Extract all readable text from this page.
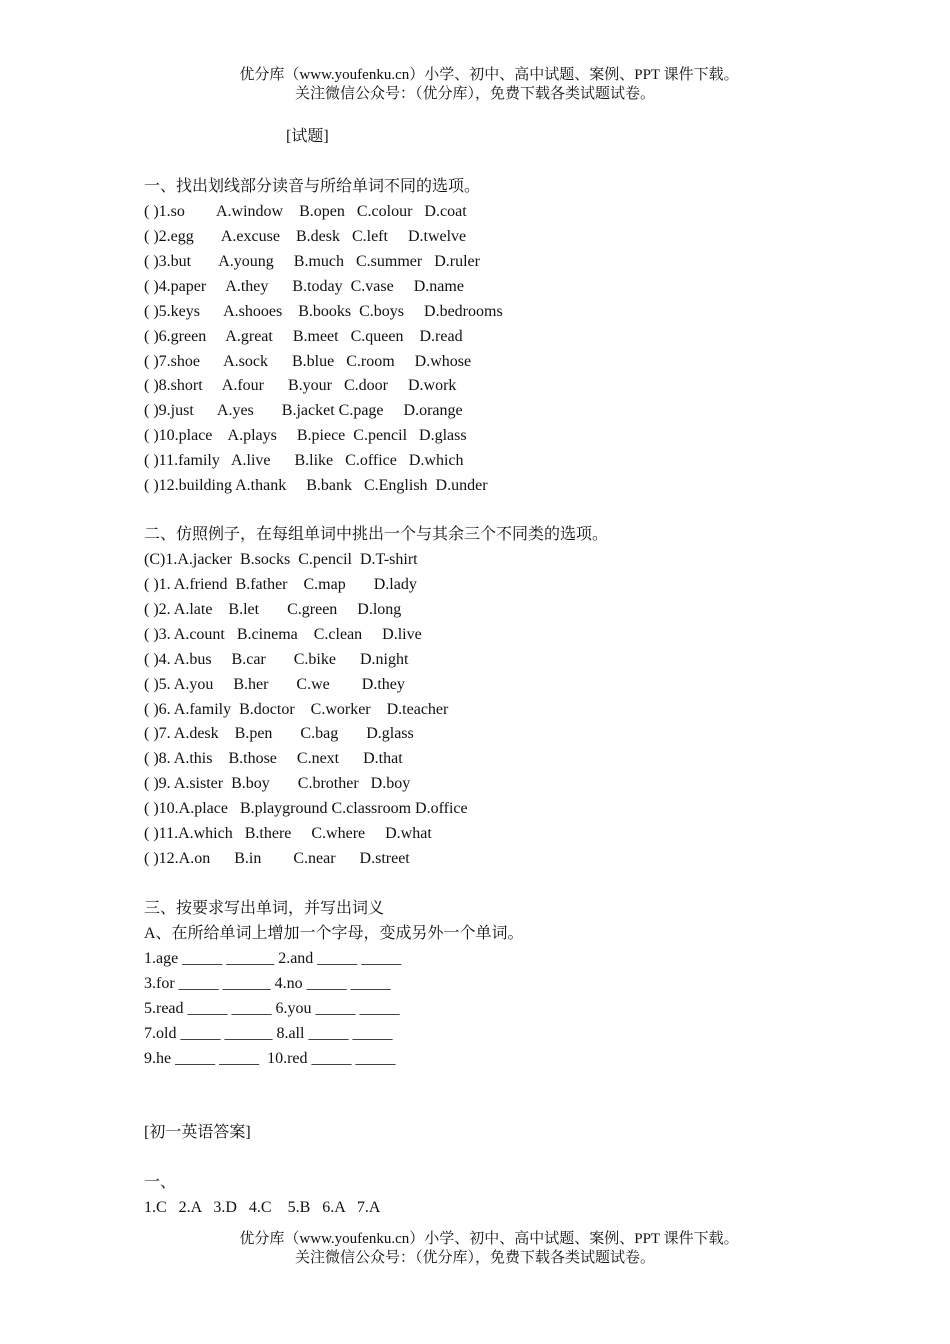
优分库（www.youfenku.cn）小学、初中、高中试题、案例、PPT 课件下载。
关注微信公众号：（优分库），免费下载各类试题试卷。
[试题]
一、找出划线部分读音与所给单词不同的选项。
( )1.so        A.window    B.open   C.colour   D.coat
( )2.egg       A.excuse    B.desk   C.left     D.twelve
( )3.but       A.young     B.much   C.summer   D.ruler
( )4.paper     A.they      B.today  C.vase     D.name
( )5.keys      A.shooes    B.books  C.boys     D.bedrooms
( )6.green     A.great     B.meet   C.queen    D.read
( )7.shoe      A.sock      B.blue   C.room     D.whose
( )8.short     A.four      B.your   C.door     D.work
( )9.just      A.yes       B.jacket C.page     D.orange
( )10.place    A.plays     B.piece  C.pencil   D.glass
( )11.family   A.live      B.like   C.office   D.which
( )12.building A.thank     B.bank   C.English  D.under
二、仿照例子，在每组单词中挑出一个与其余三个不同类的选项。
(C)1.A.jacker  B.socks  C.pencil  D.T-shirt
( )1. A.friend  B.father    C.map       D.lady
( )2. A.late    B.let       C.green     D.long
( )3. A.count   B.cinema    C.clean     D.live
( )4. A.bus     B.car       C.bike      D.night
( )5. A.you     B.her       C.we        D.they
( )6. A.family  B.doctor    C.worker    D.teacher
( )7. A.desk    B.pen       C.bag       D.glass
( )8. A.this    B.those     C.next      D.that
( )9. A.sister  B.boy       C.brother   D.boy
( )10.A.place   B.playground C.classroom D.office
( )11.A.which   B.there     C.where     D.what
( )12.A.on      B.in        C.near      D.street
三、按要求写出单词，并写出词义
A、在所给单词上增加一个字母，变成另外一个单词。
1.age _____ ______ 2.and _____ _____
3.for _____ ______ 4.no _____ _____
5.read _____ _____ 6.you _____ _____
7.old _____ ______ 8.all _____ _____
9.he _____ _____  10.red _____ _____
[初一英语答案]
一、
1.C   2.A   3.D   4.C    5.B   6.A   7.A
优分库（www.youfenku.cn）小学、初中、高中试题、案例、PPT 课件下载。
关注微信公众号：（优分库），免费下载各类试题试卷。
